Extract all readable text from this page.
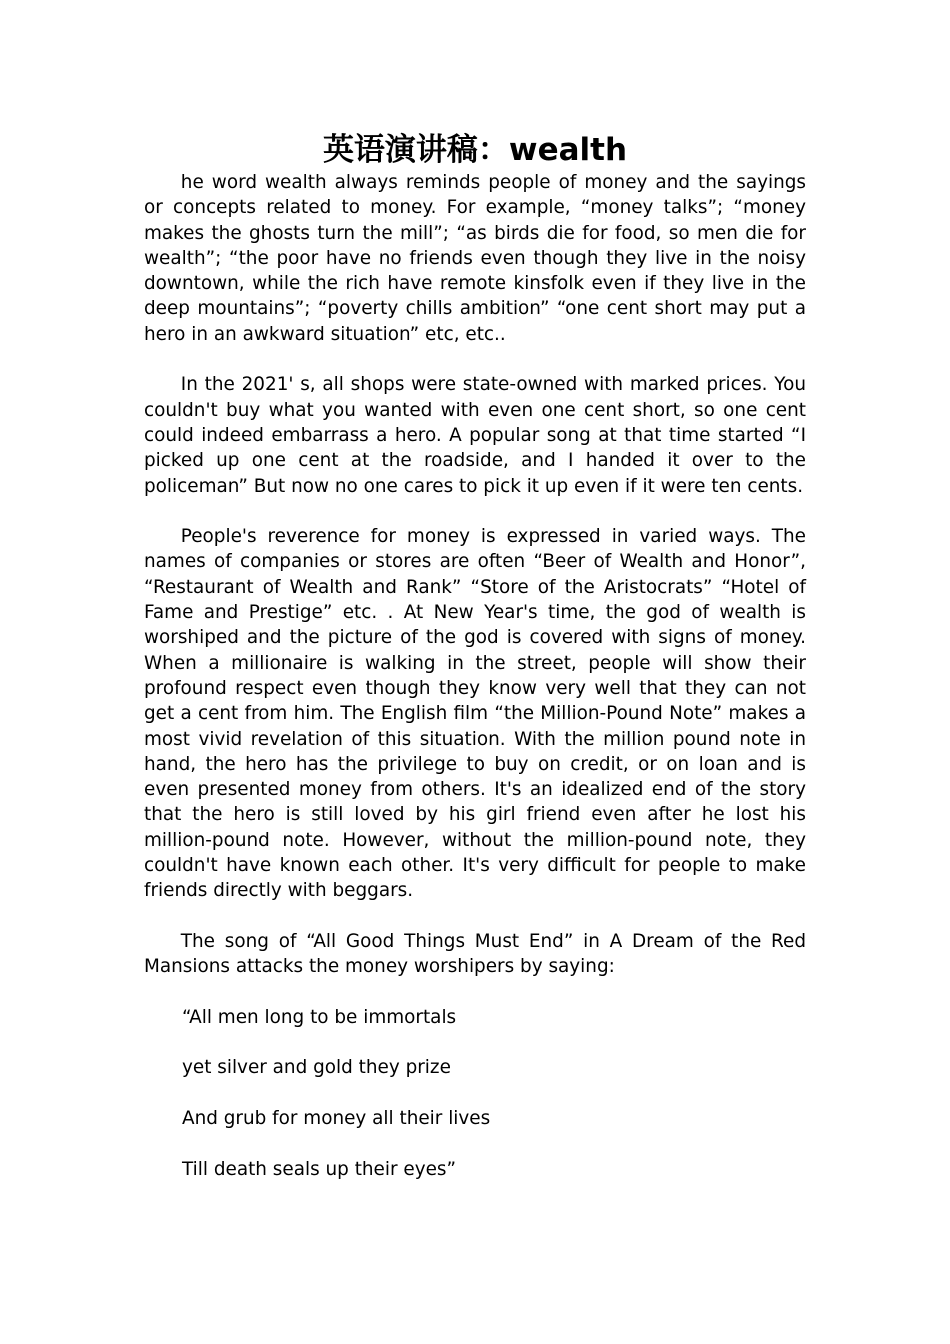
英语演讲稿：wealth

he word wealth always reminds people of money and the sayings or concepts related to money. For example, “money talks”; “money makes the ghosts turn the mill”; “as birds die for food, so men die for wealth”; “the poor have no friends even though they live in the noisy downtown, while the rich have remote kinsfolk even if they live in the deep mountains”; “poverty chills ambition” “one cent short may put a hero in an awkward situation” etc, etc..

In the 2021' s, all shops were state-owned with marked prices. You couldn't buy what you wanted with even one cent short, so one cent could indeed embarrass a hero. A popular song at that time started “I picked up one cent at the roadside, and I handed it over to the policeman” But now no one cares to pick it up even if it were ten cents.

People's reverence for money is expressed in varied ways. The names of companies or stores are often “Beer of Wealth and Honor”, “Restaurant of Wealth and Rank” “Store of the Aristocrats” “Hotel of Fame and Prestige” etc. . At New Year's time, the god of wealth is worshiped and the picture of the god is covered with signs of money. When a millionaire is walking in the street, people will show their profound respect even though they know very well that they can not get a cent from him. The English film “the Million-Pound Note” makes a most vivid revelation of this situation. With the million pound note in hand, the hero has the privilege to buy on credit, or on loan and is even presented money from others. It's an idealized end of the story that the hero is still loved by his girl friend even after he lost his million-pound note. However, without the million-pound note, they couldn't have known each other. It's very difficult for people to make friends directly with beggars.

The song of “All Good Things Must End” in A Dream of the Red Mansions attacks the money worshipers by saying:

“All men long to be immortals

yet silver and gold they prize

And grub for money all their lives

Till death seals up their eyes”
